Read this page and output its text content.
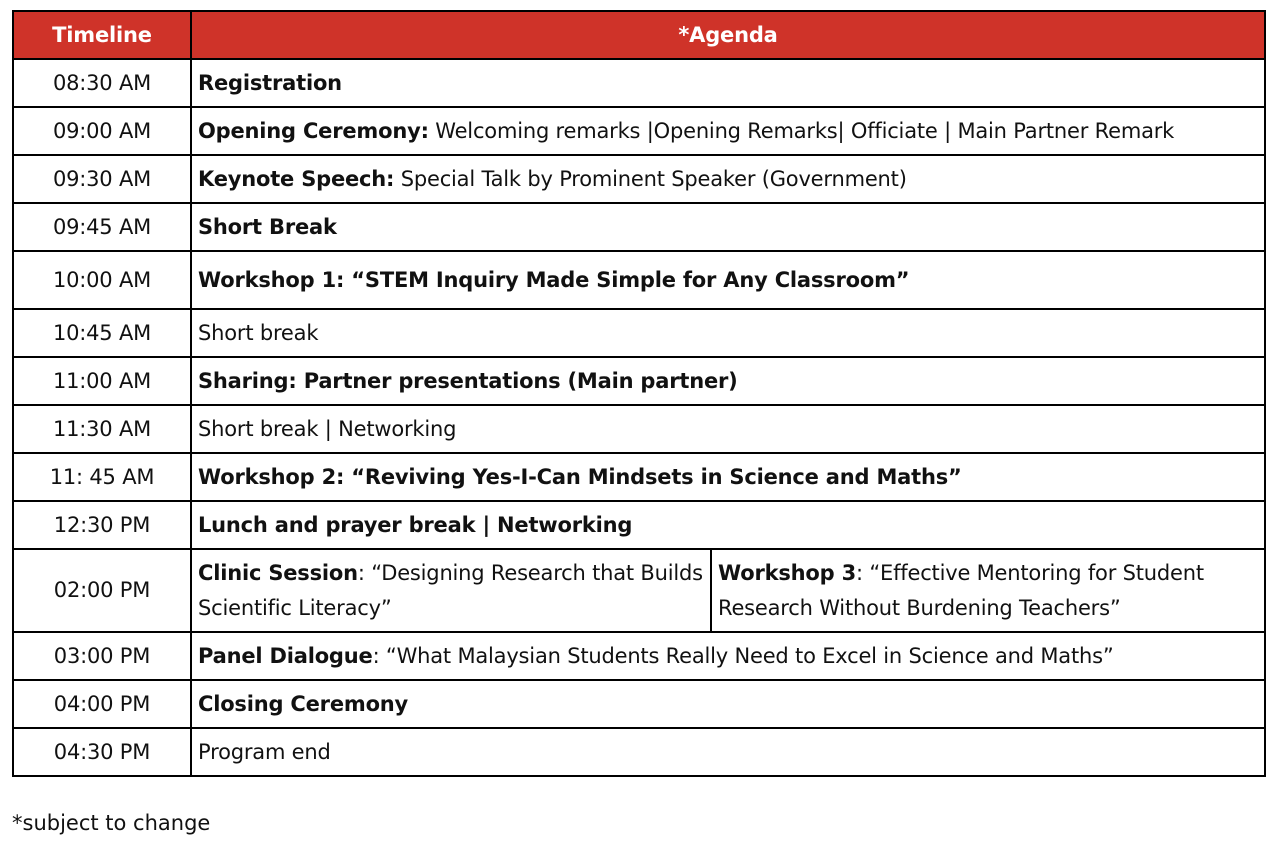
Timeline	*Agenda	
08:30 AM	Registration	
09:00 AM	Opening Ceremony: Welcoming remarks |Opening Remarks| Officiate | Main Partner Remark	
09:30 AM	Keynote Speech: Special Talk by Prominent Speaker (Government)	
09:45 AM	Short Break	
10:00 AM	Workshop 1: “STEM Inquiry Made Simple for Any Classroom”	
10:45 AM	Short break	
11:00 AM	Sharing: Partner presentations (Main partner)	
11:30 AM	Short break | Networking	
11: 45 AM	Workshop 2: “Reviving Yes-I-Can Mindsets in Science and Maths”	
12:30 PM	Lunch and prayer break | Networking	
02:00 PM	Clinic Session: “Designing Research that Builds Scientific Literacy”	Workshop 3: “Effective Mentoring for Student Research Without Burdening Teachers”
03:00 PM	Panel Dialogue: “What Malaysian Students Really Need to Excel in Science and Maths”	
04:00 PM	Closing Ceremony	
04:30 PM	Program end	
*subject to change
